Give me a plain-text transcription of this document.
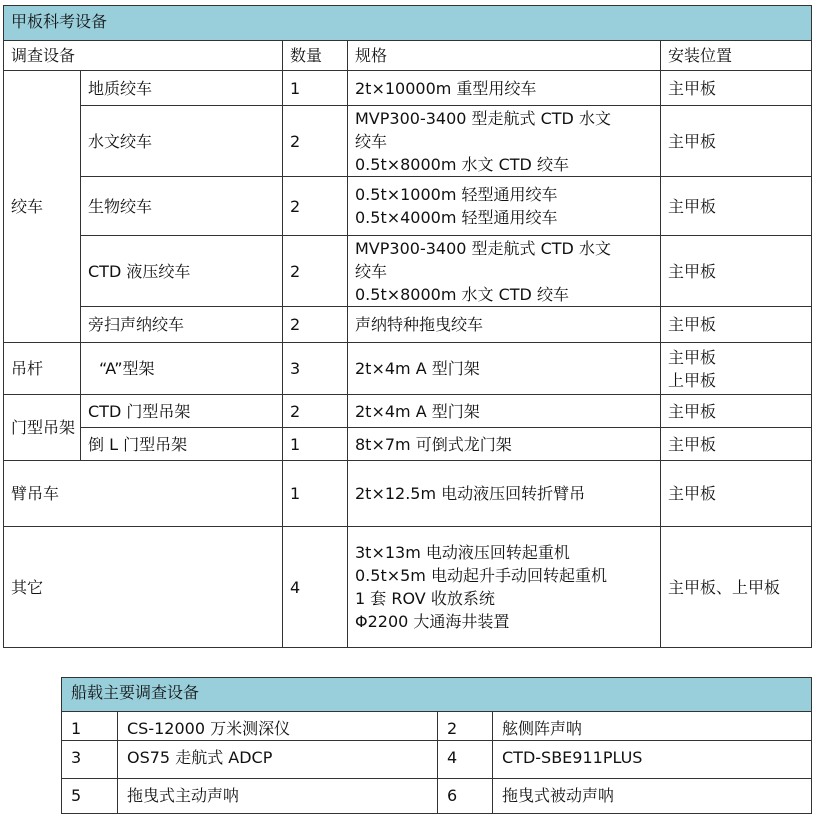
甲板科考设备				
调查设备		数量	规格	安装位置
绞车	地质绞车	1	2t×10000m 重型用绞车	主甲板

	水文绞车	2	MVP300-3400 型走航式 CTD 水文
绞车
0.5t×8000m 水文 CTD 绞车	主甲板

	生物绞车	2	0.5t×1000m 轻型通用绞车
0.5t×4000m 轻型通用绞车	主甲板

	CTD 液压绞车	2	MVP300-3400 型走航式 CTD 水文
绞车
0.5t×8000m 水文 CTD 绞车	主甲板

	旁扫声纳绞车	2	声纳特种拖曳绞车	主甲板

吊杆	“A”型架	3	2t×4m A 型门架	主甲板
上甲板

门型吊架	CTD 门型吊架	2	2t×4m A 型门架	主甲板

	倒 L 门型吊架	1	8t×7m 可倒式龙门架	主甲板

臂吊车		1	2t×12.5m 电动液压回转折臂吊	主甲板

其它		4	3t×13m 电动液压回转起重机
0.5t×5m 电动起升手动回转起重机
1 套 ROV 收放系统
Φ2200 大通海井装置	主甲板、上甲板
船载主要调查设备			
1	CS-12000 万米测深仪	2	舷侧阵声呐
3	OS75 走航式 ADCP	4	CTD-SBE911PLUS
5	拖曳式主动声呐	6	拖曳式被动声呐
